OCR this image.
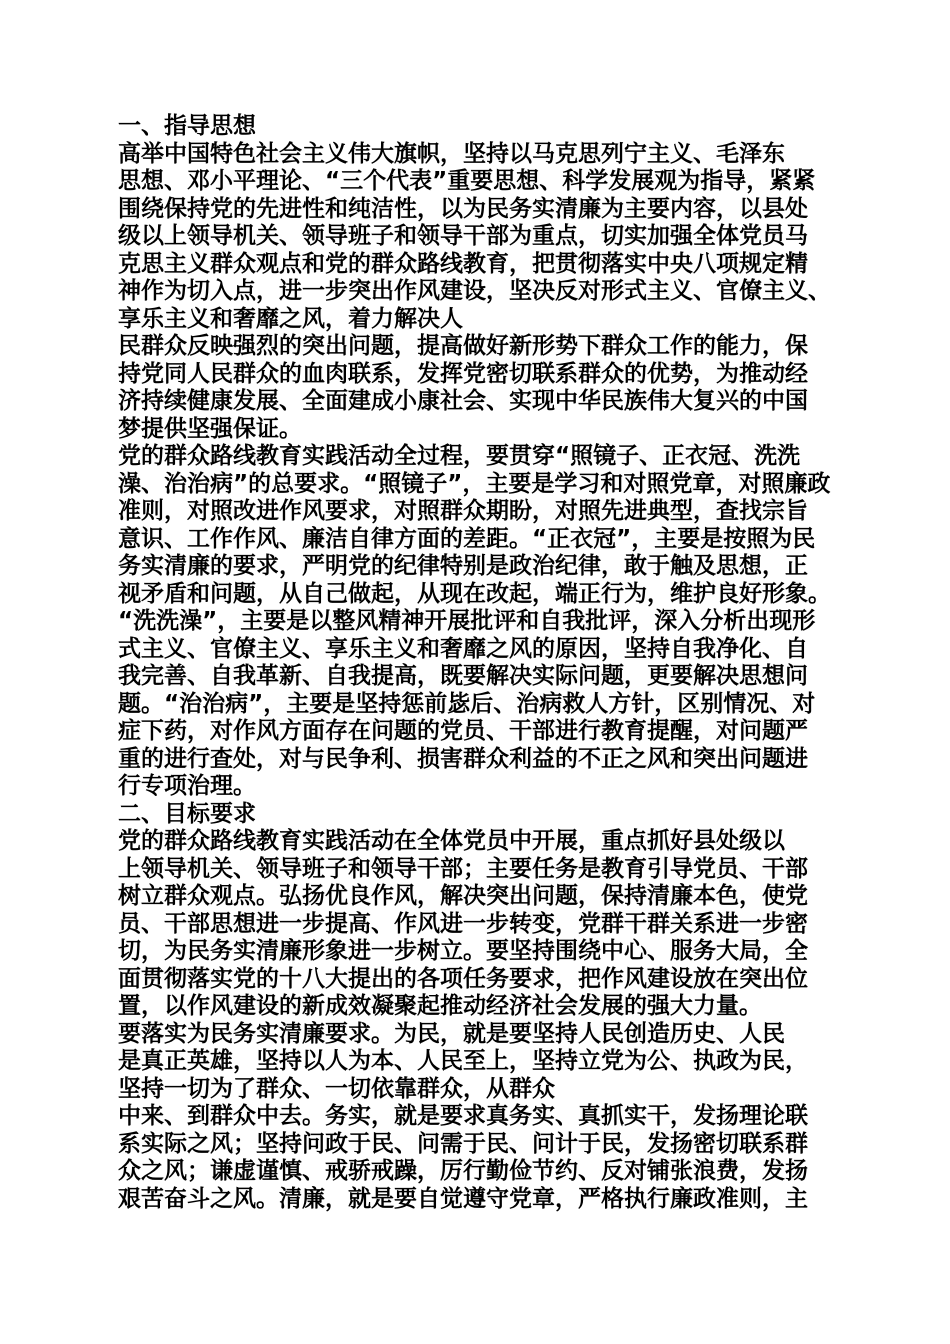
一、指导思想
高举中国特色社会主义伟大旗帜，坚持以马克思列宁主义、毛泽东
思想、邓小平理论、“三个代表”重要思想、科学发展观为指导，紧紧
围绕保持党的先进性和纯洁性，以为民务实清廉为主要内容，以县处
级以上领导机关、领导班子和领导干部为重点，切实加强全体党员马
克思主义群众观点和党的群众路线教育，把贯彻落实中央八项规定精
神作为切入点，进一步突出作风建设，坚决反对形式主义、官僚主义、
享乐主义和奢靡之风，着力解决人
民群众反映强烈的突出问题，提高做好新形势下群众工作的能力，保
持党同人民群众的血肉联系，发挥党密切联系群众的优势，为推动经
济持续健康发展、全面建成小康社会、实现中华民族伟大复兴的中国
梦提供坚强保证。
党的群众路线教育实践活动全过程，要贯穿“照镜子、正衣冠、洗洗
澡、治治病”的总要求。“照镜子”，主要是学习和对照党章，对照廉政
准则，对照改进作风要求，对照群众期盼，对照先进典型，查找宗旨
意识、工作作风、廉洁自律方面的差距。“正衣冠”，主要是按照为民
务实清廉的要求，严明党的纪律特别是政治纪律，敢于触及思想，正
视矛盾和问题，从自己做起，从现在改起，端正行为，维护良好形象。
“洗洗澡”，主要是以整风精神开展批评和自我批评，深入分析出现形
式主义、官僚主义、享乐主义和奢靡之风的原因，坚持自我净化、自
我完善、自我革新、自我提高，既要解决实际问题，更要解决思想问
题。“治治病”，主要是坚持惩前毖后、治病救人方针，区别情况、对
症下药，对作风方面存在问题的党员、干部进行教育提醒，对问题严
重的进行查处，对与民争利、损害群众利益的不正之风和突出问题进
行专项治理。
二、目标要求
党的群众路线教育实践活动在全体党员中开展，重点抓好县处级以
上领导机关、领导班子和领导干部；主要任务是教育引导党员、干部
树立群众观点。弘扬优良作风，解决突出问题，保持清廉本色，使党
员、干部思想进一步提高、作风进一步转变，党群干群关系进一步密
切，为民务实清廉形象进一步树立。要坚持围绕中心、服务大局，全
面贯彻落实党的十八大提出的各项任务要求，把作风建设放在突出位
置，以作风建设的新成效凝聚起推动经济社会发展的强大力量。
要落实为民务实清廉要求。为民，就是要坚持人民创造历史、人民
是真正英雄，坚持以人为本、人民至上，坚持立党为公、执政为民，
坚持一切为了群众、一切依靠群众，从群众
中来、到群众中去。务实，就是要求真务实、真抓实干，发扬理论联
系实际之风；坚持问政于民、问需于民、问计于民，发扬密切联系群
众之风；谦虚谨慎、戒骄戒躁，厉行勤俭节约、反对铺张浪费，发扬
艰苦奋斗之风。清廉，就是要自觉遵守党章，严格执行廉政准则，主
